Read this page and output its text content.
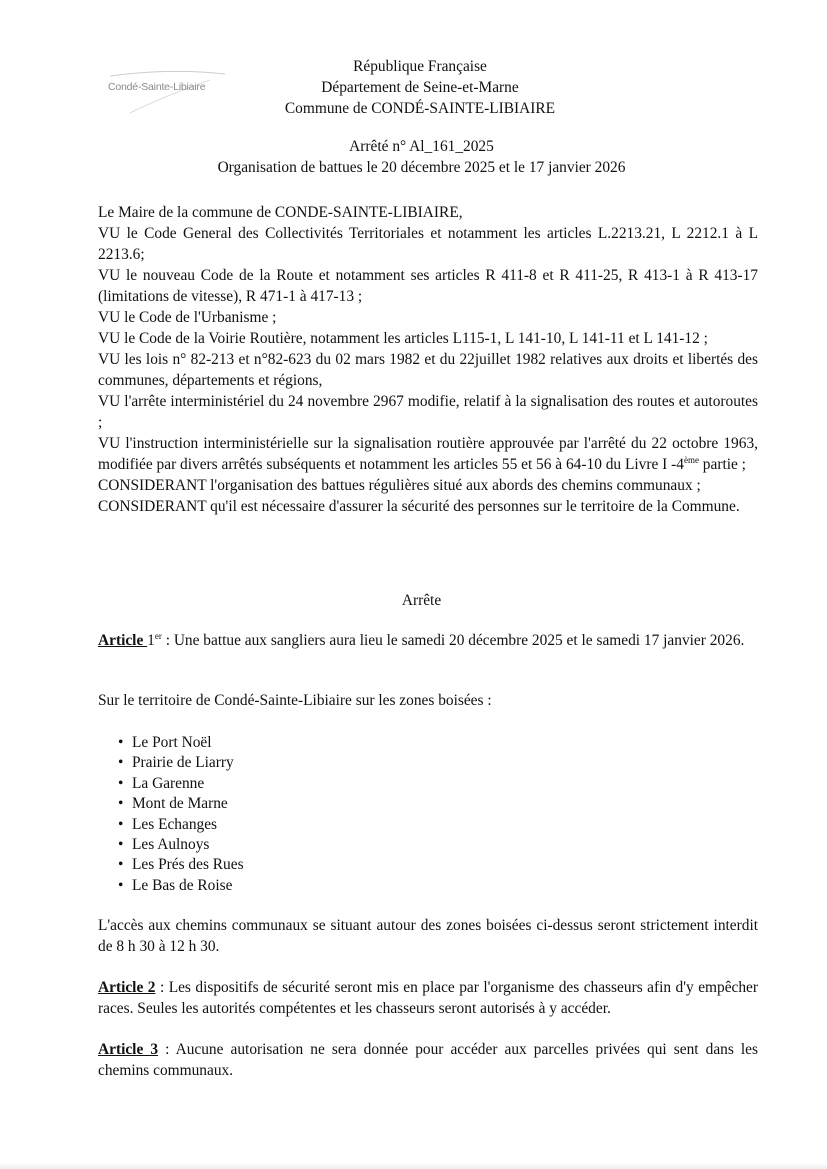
Condé-Sainte-Libiaire
République Française
Département de Seine-et-Marne
Commune de CONDÉ-SAINTE-LIBIAIRE
Arrêté n° Al_161_2025
Organisation de battues le 20 décembre 2025 et le 17 janvier 2026

Le Maire de la commune de CONDE-SAINTE-LIBIAIRE,

VU le Code General des Collectivités Territoriales et notamment les articles L.2213.21, L 2212.1 à L 2213.6;

VU le nouveau Code de la Route et notamment ses articles R 411-8 et R 411-25, R 413-1 à R 413-17 (limitations de vitesse), R 471-1 à 417-13 ;

VU le Code de l'Urbanisme ;

VU le Code de la Voirie Routière, notamment les articles L115-1, L 141-10, L 141-11 et L 141-12 ;

VU les lois n° 82-213 et n°82-623 du 02 mars 1982 et du 22juillet 1982 relatives aux droits et libertés des communes, départements et régions,

VU l'arrête interministériel du 24 novembre 2967 modifie, relatif à la signalisation des routes et autoroutes ;

VU l'instruction interministérielle sur la signalisation routière approuvée par l'arrêté du 22 octobre 1963, modifiée par divers arrêtés subséquents et notamment les articles 55 et 56 à 64-10 du Livre I -4ème partie ;

CONSIDERANT l'organisation des battues régulières situé aux abords des chemins communaux ;

CONSIDERANT qu'il est nécessaire d'assurer la sécurité des personnes sur le territoire de la Commune.

Arrête

Article 1er : Une battue aux sangliers aura lieu le samedi 20 décembre 2025 et le samedi 17 janvier 2026.

Sur le territoire de Condé-Sainte-Libiaire sur les zones boisées :
• Le Port Noël
• Prairie de Liarry
• La Garenne
• Mont de Marne
• Les Echanges
• Les Aulnoys
• Les Prés des Rues
• Le Bas de Roise
L'accès aux chemins communaux se situant autour des zones boisées ci-dessus seront strictement interdit de 8 h 30 à 12 h 30.
Article 2 : Les dispositifs de sécurité seront mis en place par l'organisme des chasseurs afin d'y empêcher races. Seules les autorités compétentes et les chasseurs seront autorisés à y accéder.
Article 3 : Aucune autorisation ne sera donnée pour accéder aux parcelles privées qui sent dans les chemins communaux.
